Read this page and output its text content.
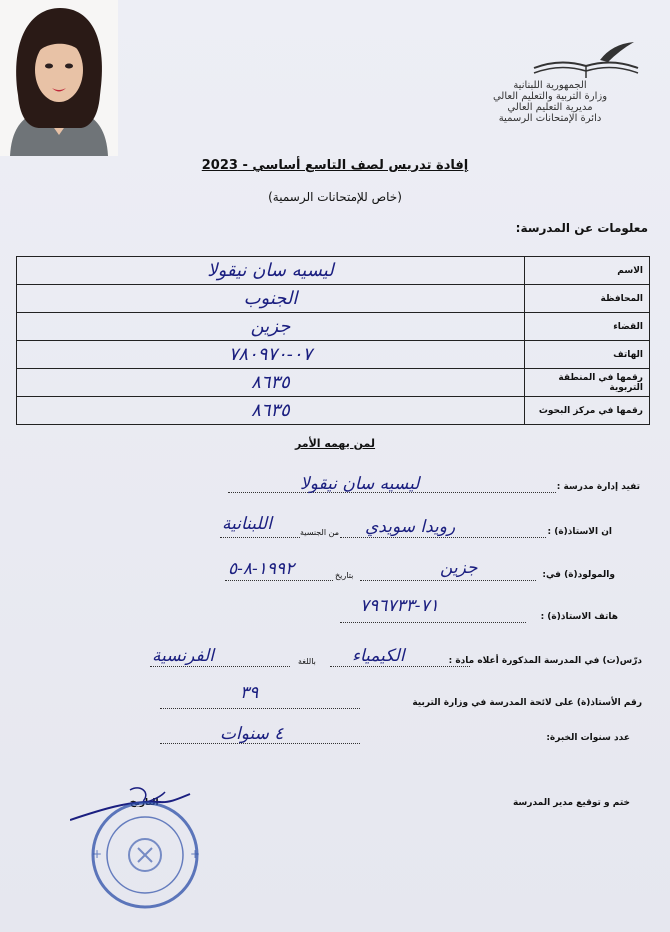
الجمهورية اللبنانية
وزارة التربية والتعليم العالي
مديرية التعليم العالي
دائرة الإمتحانات الرسمية
إفادة تدريس لصف التاسع أساسي - 2023
(خاص للإمتحانات الرسمية)
معلومات عن المدرسة:
الاسم	ليسيه سان نيقولا
المحافظة	الجنوب
القضاء	جزين
الهاتف	٠٧-٧٨٠٩٧٠
رقمها في المنطقة التربوية	٨٦٣٥
رقمها في مركز البحوث	٨٦٣٥
لمن يهمه الأمر
تفيد إدارة مدرسة :
ليسيه سان نيقولا
ان الاستاذ(ة) :
رويدا سويدي
من الجنسية
اللبنانية
والمولود(ة) في:
جزين
بتاريخ
١٩٩٢-٨-٥
هاتف الاستاذ(ة) :
٧١-٧٩٦٧٣٣
درّس(ت) في المدرسة المذكورة أعلاه مادة :
الكيمياء
باللغة
الفرنسية
رقم الأستاذ(ة) على لائحة المدرسة في وزارة التربية
٣٩
عدد سنوات الخبرة:
٤ سنوات
ختم و توقيع مدير المدرسة
التاريخ
+	+
